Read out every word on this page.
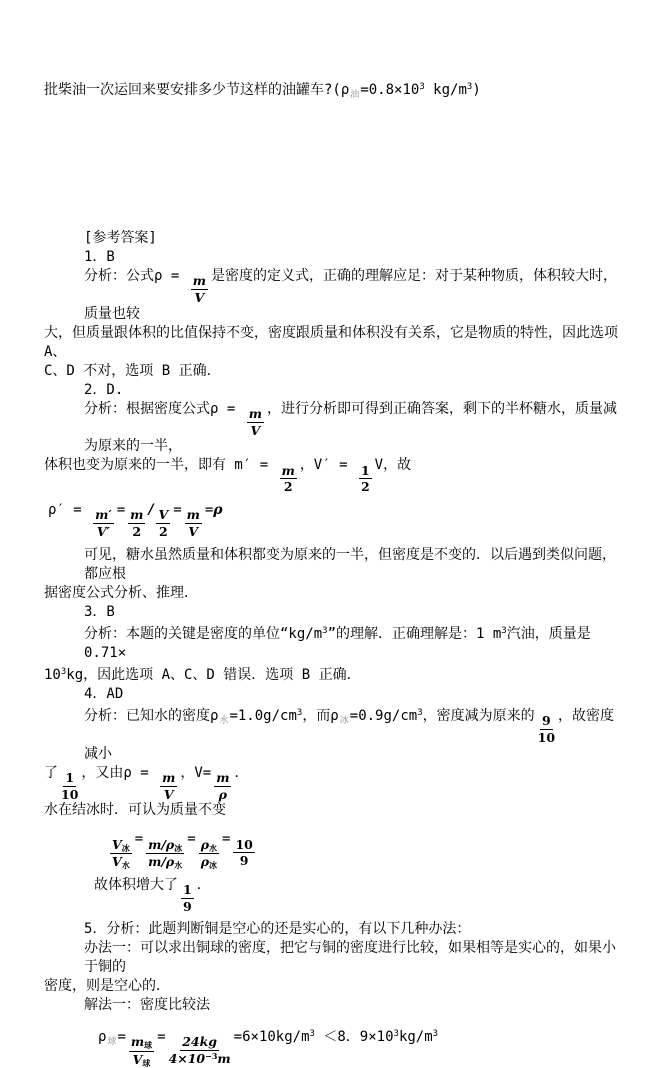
批柴油一次运回来要安排多少节这样的油罐车$?(\rho_油=0.8\times 10^3$ $kg/m^3$)
[参考答案]
1．B
分析：公式$\rho = \frac{m}{V}$ 是密度的定义式，正确的理解应足：对于某种物质，体积较大时，质量也较
大，但质量跟体积的比值保持不变，密度跟质量和体积没有关系，它是物质的特性，因此选项 A、
C、D 不对，选项 B 正确．
2．D.
分析：根据密度公式$\rho = \frac{m}{V}$ ，进行分析即可得到正确答案，剩下的半杯糖水，质量减为原来的一半，
体积也变为原来的一半，即有 $m' = \frac{m}{2}$ ，$V' = \frac{1}{2}$ V，故
$\rho' = \frac{m'}{V'} = \frac{m}{2} / \frac{V}{2} = \frac{m}{V} =\rho$
可见，糖水虽然质量和体积都变为原来的一半，但密度是不变的．以后遇到类似问题，都应根
据密度公式分析、推理．
3．B
分析：本题的关键是密度的单位“$kg/m^3$”的理解．正确理解是：1 $m^3$汽油，质量是 0.71×
$10^3kg$，因此选项 A、C、D 错误．选项 B 正确．
4．AD
分析：已知水的密度$\rho_水=1.0g/cm^3$，而$\rho_冰=0.9g/cm^3$，密度减为原来的 $\frac{9}{10}$ ，故密度减小
了 $\frac{1}{10}$ ，又由$\rho = \frac{m}{V}$ ，$V= \frac{m}{\rho}$ ．
水在结冰时．可认为质量不变
$\frac{V_冰}{V_水} = \frac{m/\rho_冰}{m/\rho_水} = \frac{\rho_水}{\rho_冰} = \frac{10}{9}$
故体积增大了 $\frac{1}{9}$ ．
5．分析：此题判断铜是空心的还是实心的，有以下几种办法：
办法一：可以求出铜球的密度，把它与铜的密度进行比较，如果相等是实心的，如果小于铜的
密度，则是空心的．
解法一：密度比较法
$\rho_球= \frac{m_球}{V_球} = \frac{24kg}{4\times 10^{-3}m} =6\times 10kg/m^3 <8$．$9\times 10^3kg/m^3$
